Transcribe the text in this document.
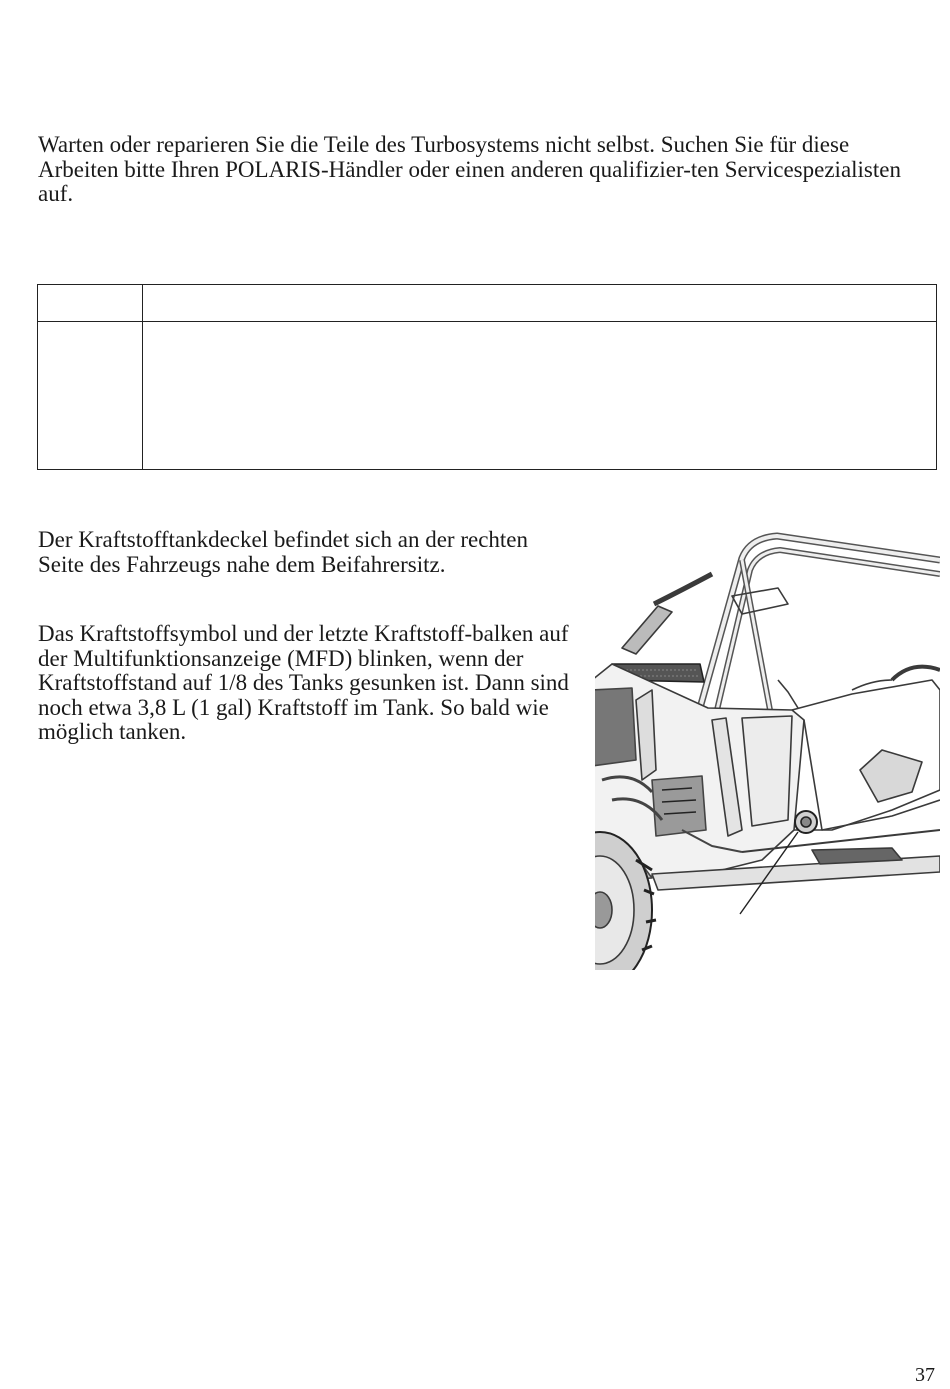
Warten oder reparieren Sie die Teile des Turbosystems nicht selbst. Suchen Sie für diese Arbeiten bitte Ihren POLARIS-Händler oder einen anderen qualifizier-ten Servicespezialisten auf.

Der Kraftstofftankdeckel befindet sich an der rechten Seite des Fahrzeugs nahe dem Beifahrersitz.

Das Kraftstoffsymbol und der letzte Kraftstoff-balken auf der Multifunktionsanzeige (MFD) blinken, wenn der Kraftstoffstand auf 1/8 des Tanks gesunken ist. Dann sind noch etwa 3,8 L (1 gal) Kraftstoff im Tank. So bald wie möglich tanken.

37
